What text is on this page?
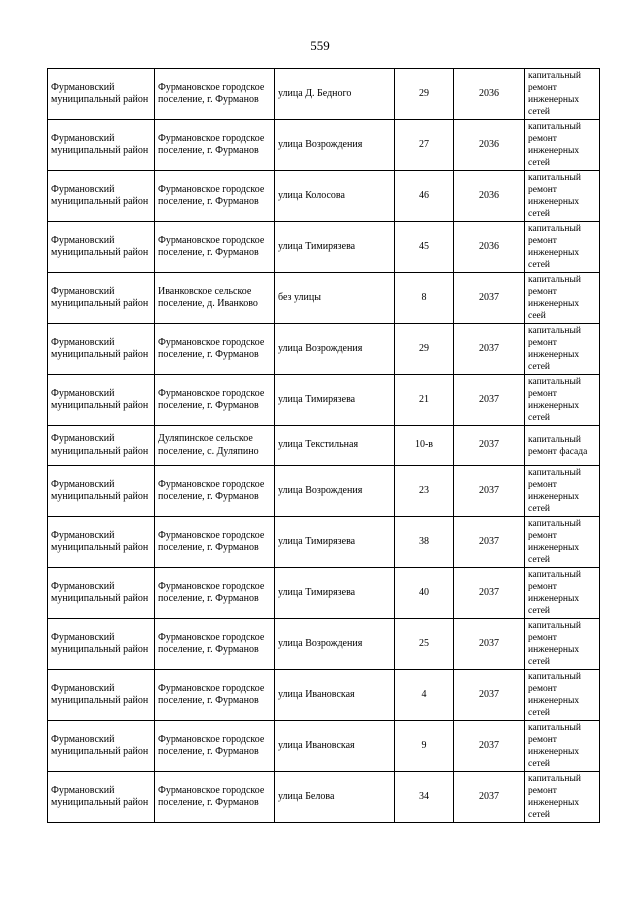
559
Фурмановский муниципальный район	Фурмановское городское поселение, г. Фурманов	улица Д. Бедного	29	2036	капитальный ремонт инженерных сетей
Фурмановский муниципальный район	Фурмановское городское поселение, г. Фурманов	улица Возрождения	27	2036	капитальный ремонт инженерных сетей
Фурмановский муниципальный район	Фурмановское городское поселение, г. Фурманов	улица Колосова	46	2036	капитальный ремонт инженерных сетей
Фурмановский муниципальный район	Фурмановское городское поселение, г. Фурманов	улица Тимирязева	45	2036	капитальный ремонт инженерных сетей
Фурмановский муниципальный район	Иванковское сельское поселение, д. Иванково	без улицы	8	2037	капитальный ремонт инженерных сеей
Фурмановский муниципальный район	Фурмановское городское поселение, г. Фурманов	улица Возрождения	29	2037	капитальный ремонт инженерных сетей
Фурмановский муниципальный район	Фурмановское городское поселение, г. Фурманов	улица Тимирязева	21	2037	капитальный ремонт инженерных сетей
Фурмановский муниципальный район	Дуляпинское сельское поселение, с. Дуляпино	улица Текстильная	10-в	2037	капитальный ремонт фасада
Фурмановский муниципальный район	Фурмановское городское поселение, г. Фурманов	улица Возрождения	23	2037	капитальный ремонт инженерных сетей
Фурмановский муниципальный район	Фурмановское городское поселение, г. Фурманов	улица Тимирязева	38	2037	капитальный ремонт инженерных сетей
Фурмановский муниципальный район	Фурмановское городское поселение, г. Фурманов	улица Тимирязева	40	2037	капитальный ремонт инженерных сетей
Фурмановский муниципальный район	Фурмановское городское поселение, г. Фурманов	улица Возрождения	25	2037	капитальный ремонт инженерных сетей
Фурмановский муниципальный район	Фурмановское городское поселение, г. Фурманов	улица Ивановская	4	2037	капитальный ремонт инженерных сетей
Фурмановский муниципальный район	Фурмановское городское поселение, г. Фурманов	улица Ивановская	9	2037	капитальный ремонт инженерных сетей
Фурмановский муниципальный район	Фурмановское городское поселение, г. Фурманов	улица Белова	34	2037	капитальный ремонт инженерных сетей
